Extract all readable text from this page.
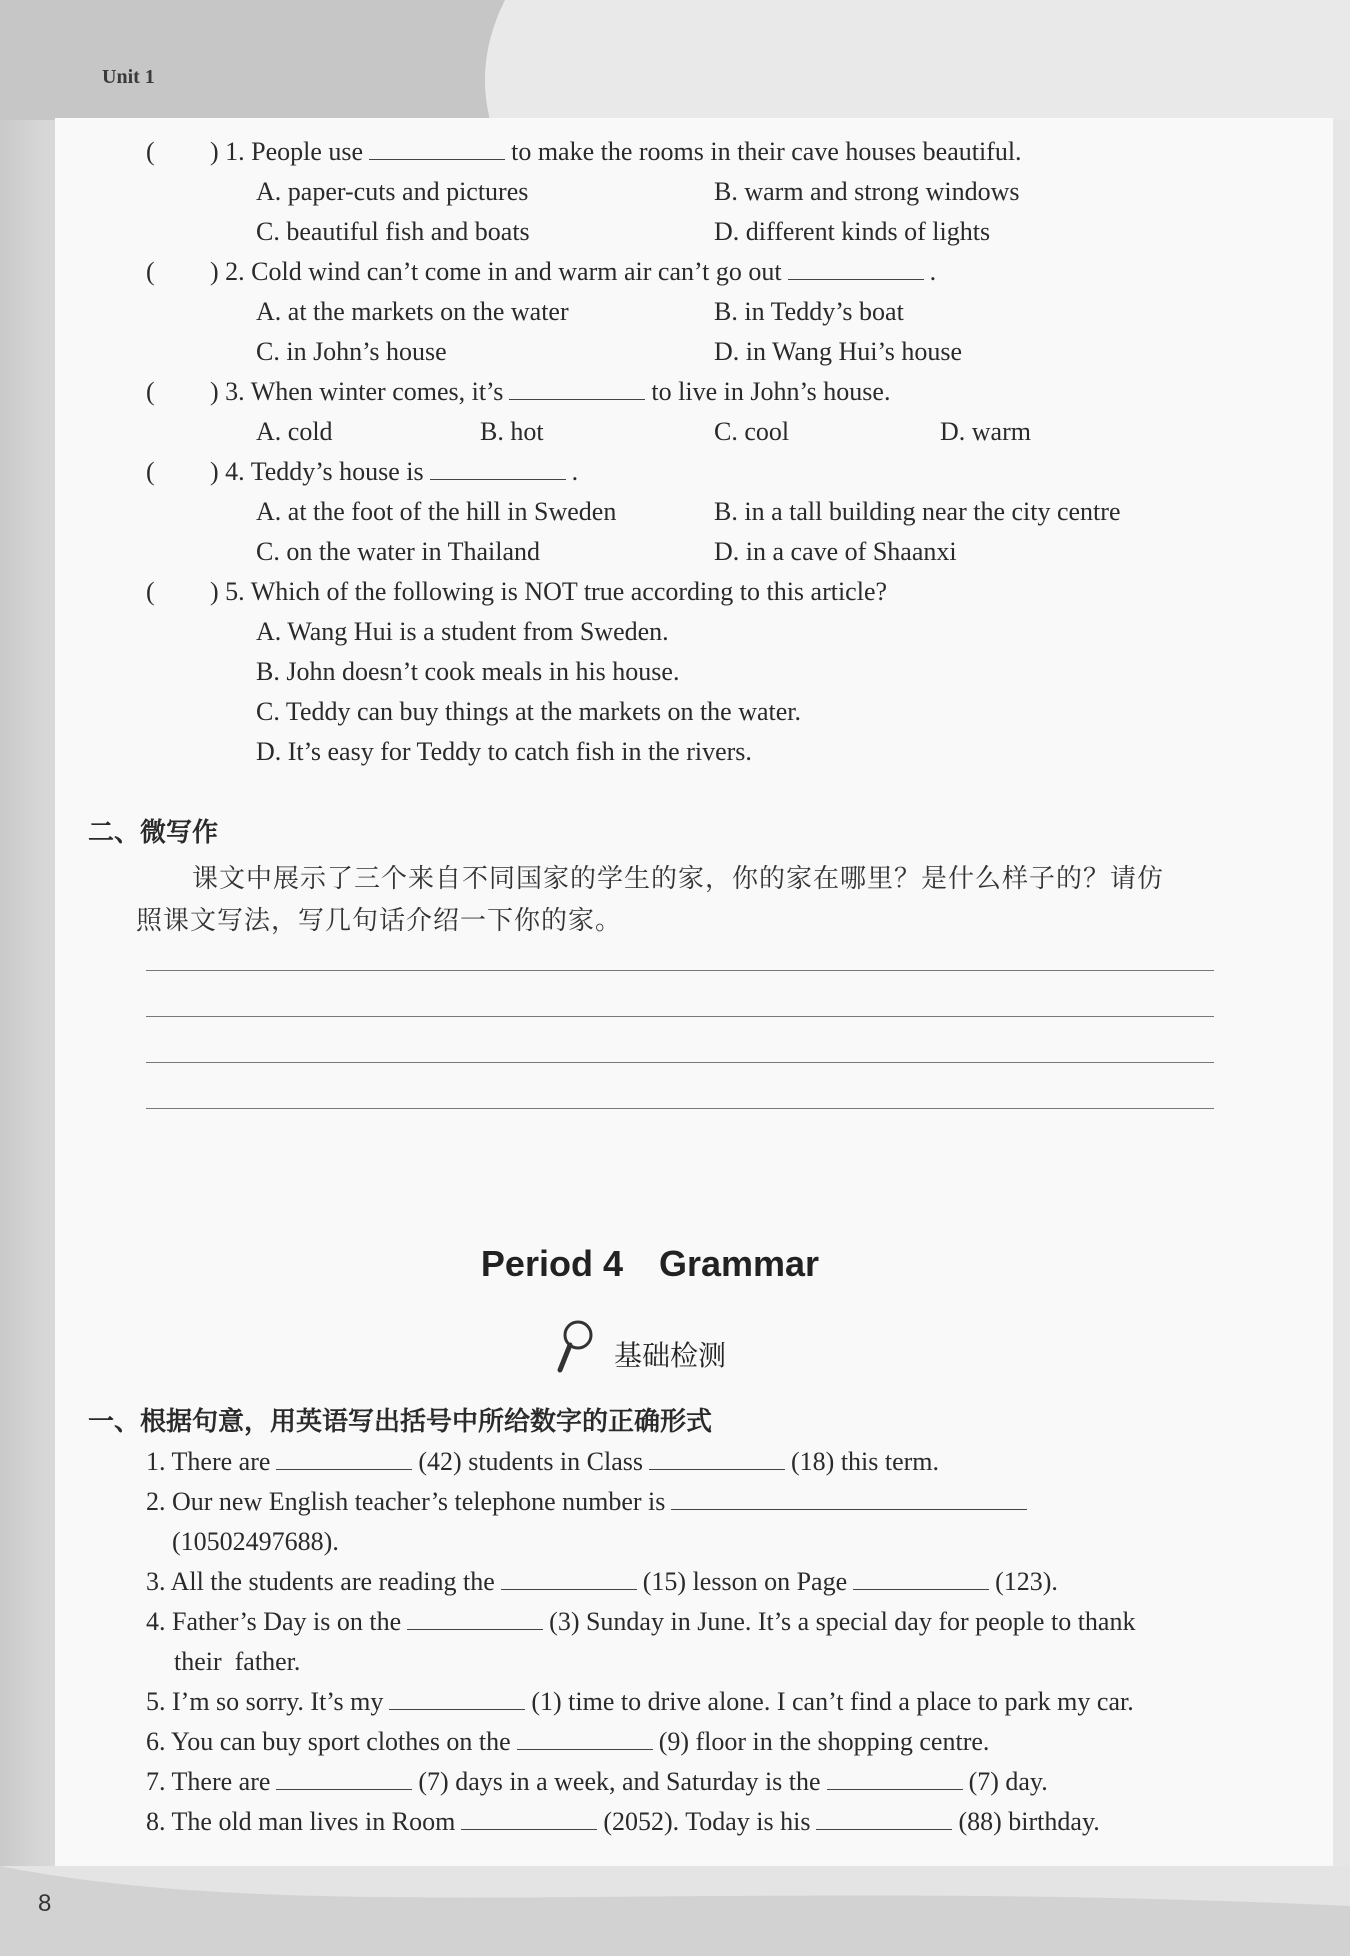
Unit 1
( ) 1. People use	to make the rooms in their cave houses beautiful.
A. paper-cuts and pictures	B. warm and strong windows
C. beautiful fish and boats	D. different kinds of lights
( ) 2. Cold wind can’t come in and warm air can’t go out	.
A. at the markets on the water	B. in Teddy’s boat
C. in John’s house	D. in Wang Hui’s house
( ) 3. When winter comes, it’s	to live in John’s house.
A. cold	B. hot	C. cool	D. warm
( ) 4. Teddy’s house is	.
A. at the foot of the hill in Sweden	B. in a tall building near the city centre
C. on the water in Thailand	D. in a cave of Shaanxi
( ) 5. Which of the following is NOT true according to this article?
A. Wang Hui is a student from Sweden.
B. John doesn’t cook meals in his house.
C. Teddy can buy things at the markets on the water.
D. It’s easy for Teddy to catch fish in the rivers.
二、微写作
课文中展示了三个来自不同国家的学生的家，你的家在哪里？是什么样子的？请仿
照课文写法，写几句话介绍一下你的家。
Period 4　Grammar
基础检测
一、根据句意，用英语写出括号中所给数字的正确形式
1. There are	(42) students in Class	(18) this term.
2. Our new English teacher’s telephone number is
(10502497688).
3. All the students are reading the	(15) lesson on Page	(123).
4. Father’s Day is on the	(3) Sunday in June. It’s a special day for people to thank
their father.
5. I’m so sorry. It’s my	(1) time to drive alone. I can’t find a place to park my car.
6. You can buy sport clothes on the	(9) floor in the shopping centre.
7. There are	(7) days in a week, and Saturday is the	(7) day.
8. The old man lives in Room	(2052). Today is his	(88) birthday.
8
